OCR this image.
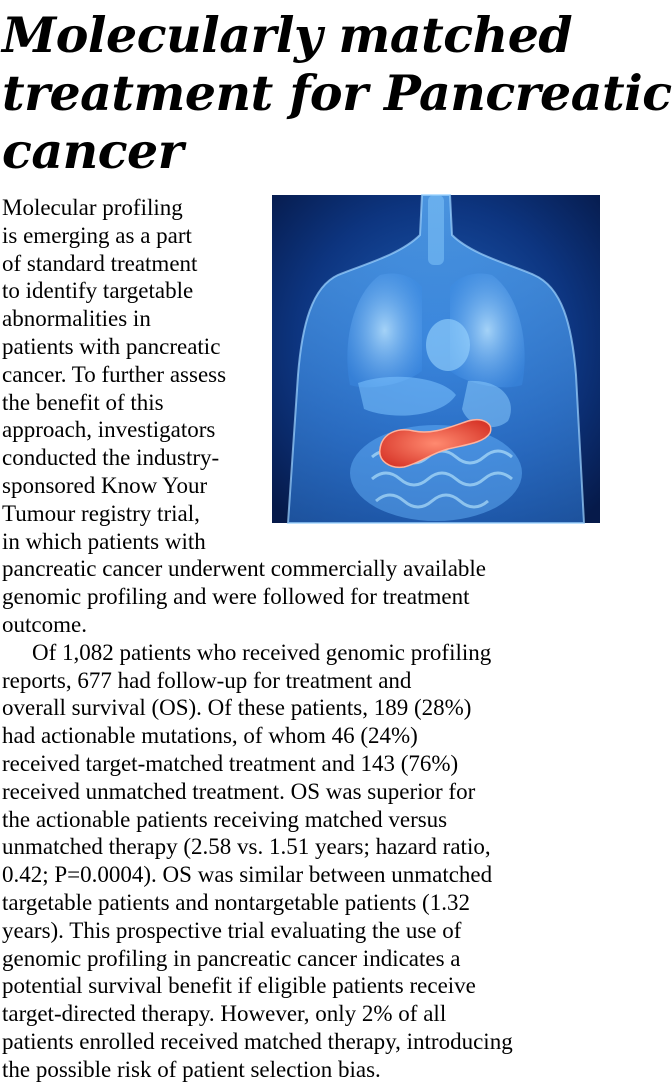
Molecularly matched
treatment for Pancreatic
cancer
Molecular profiling
is emerging as a part
of standard treatment
to identify targetable
abnormalities in
patients with pancreatic
cancer. To further assess
the benefit of this
approach, investigators
conducted the industry-
sponsored Know Your
Tumour registry trial,
in which patients with
pancreatic cancer underwent commercially available
genomic profiling and were followed for treatment
outcome.
Of 1,082 patients who received genomic profiling
reports, 677 had follow-up for treatment and
overall survival (OS). Of these patients, 189 (28%)
had actionable mutations, of whom 46 (24%)
received target-matched treatment and 143 (76%)
received unmatched treatment. OS was superior for
the actionable patients receiving matched versus
unmatched therapy (2.58 vs. 1.51 years; hazard ratio,
0.42; P=0.0004). OS was similar between unmatched
targetable patients and nontargetable patients (1.32
years). This prospective trial evaluating the use of
genomic profiling in pancreatic cancer indicates a
potential survival benefit if eligible patients receive
target-directed therapy. However, only 2% of all
patients enrolled received matched therapy, introducing
the possible risk of patient selection bias.
